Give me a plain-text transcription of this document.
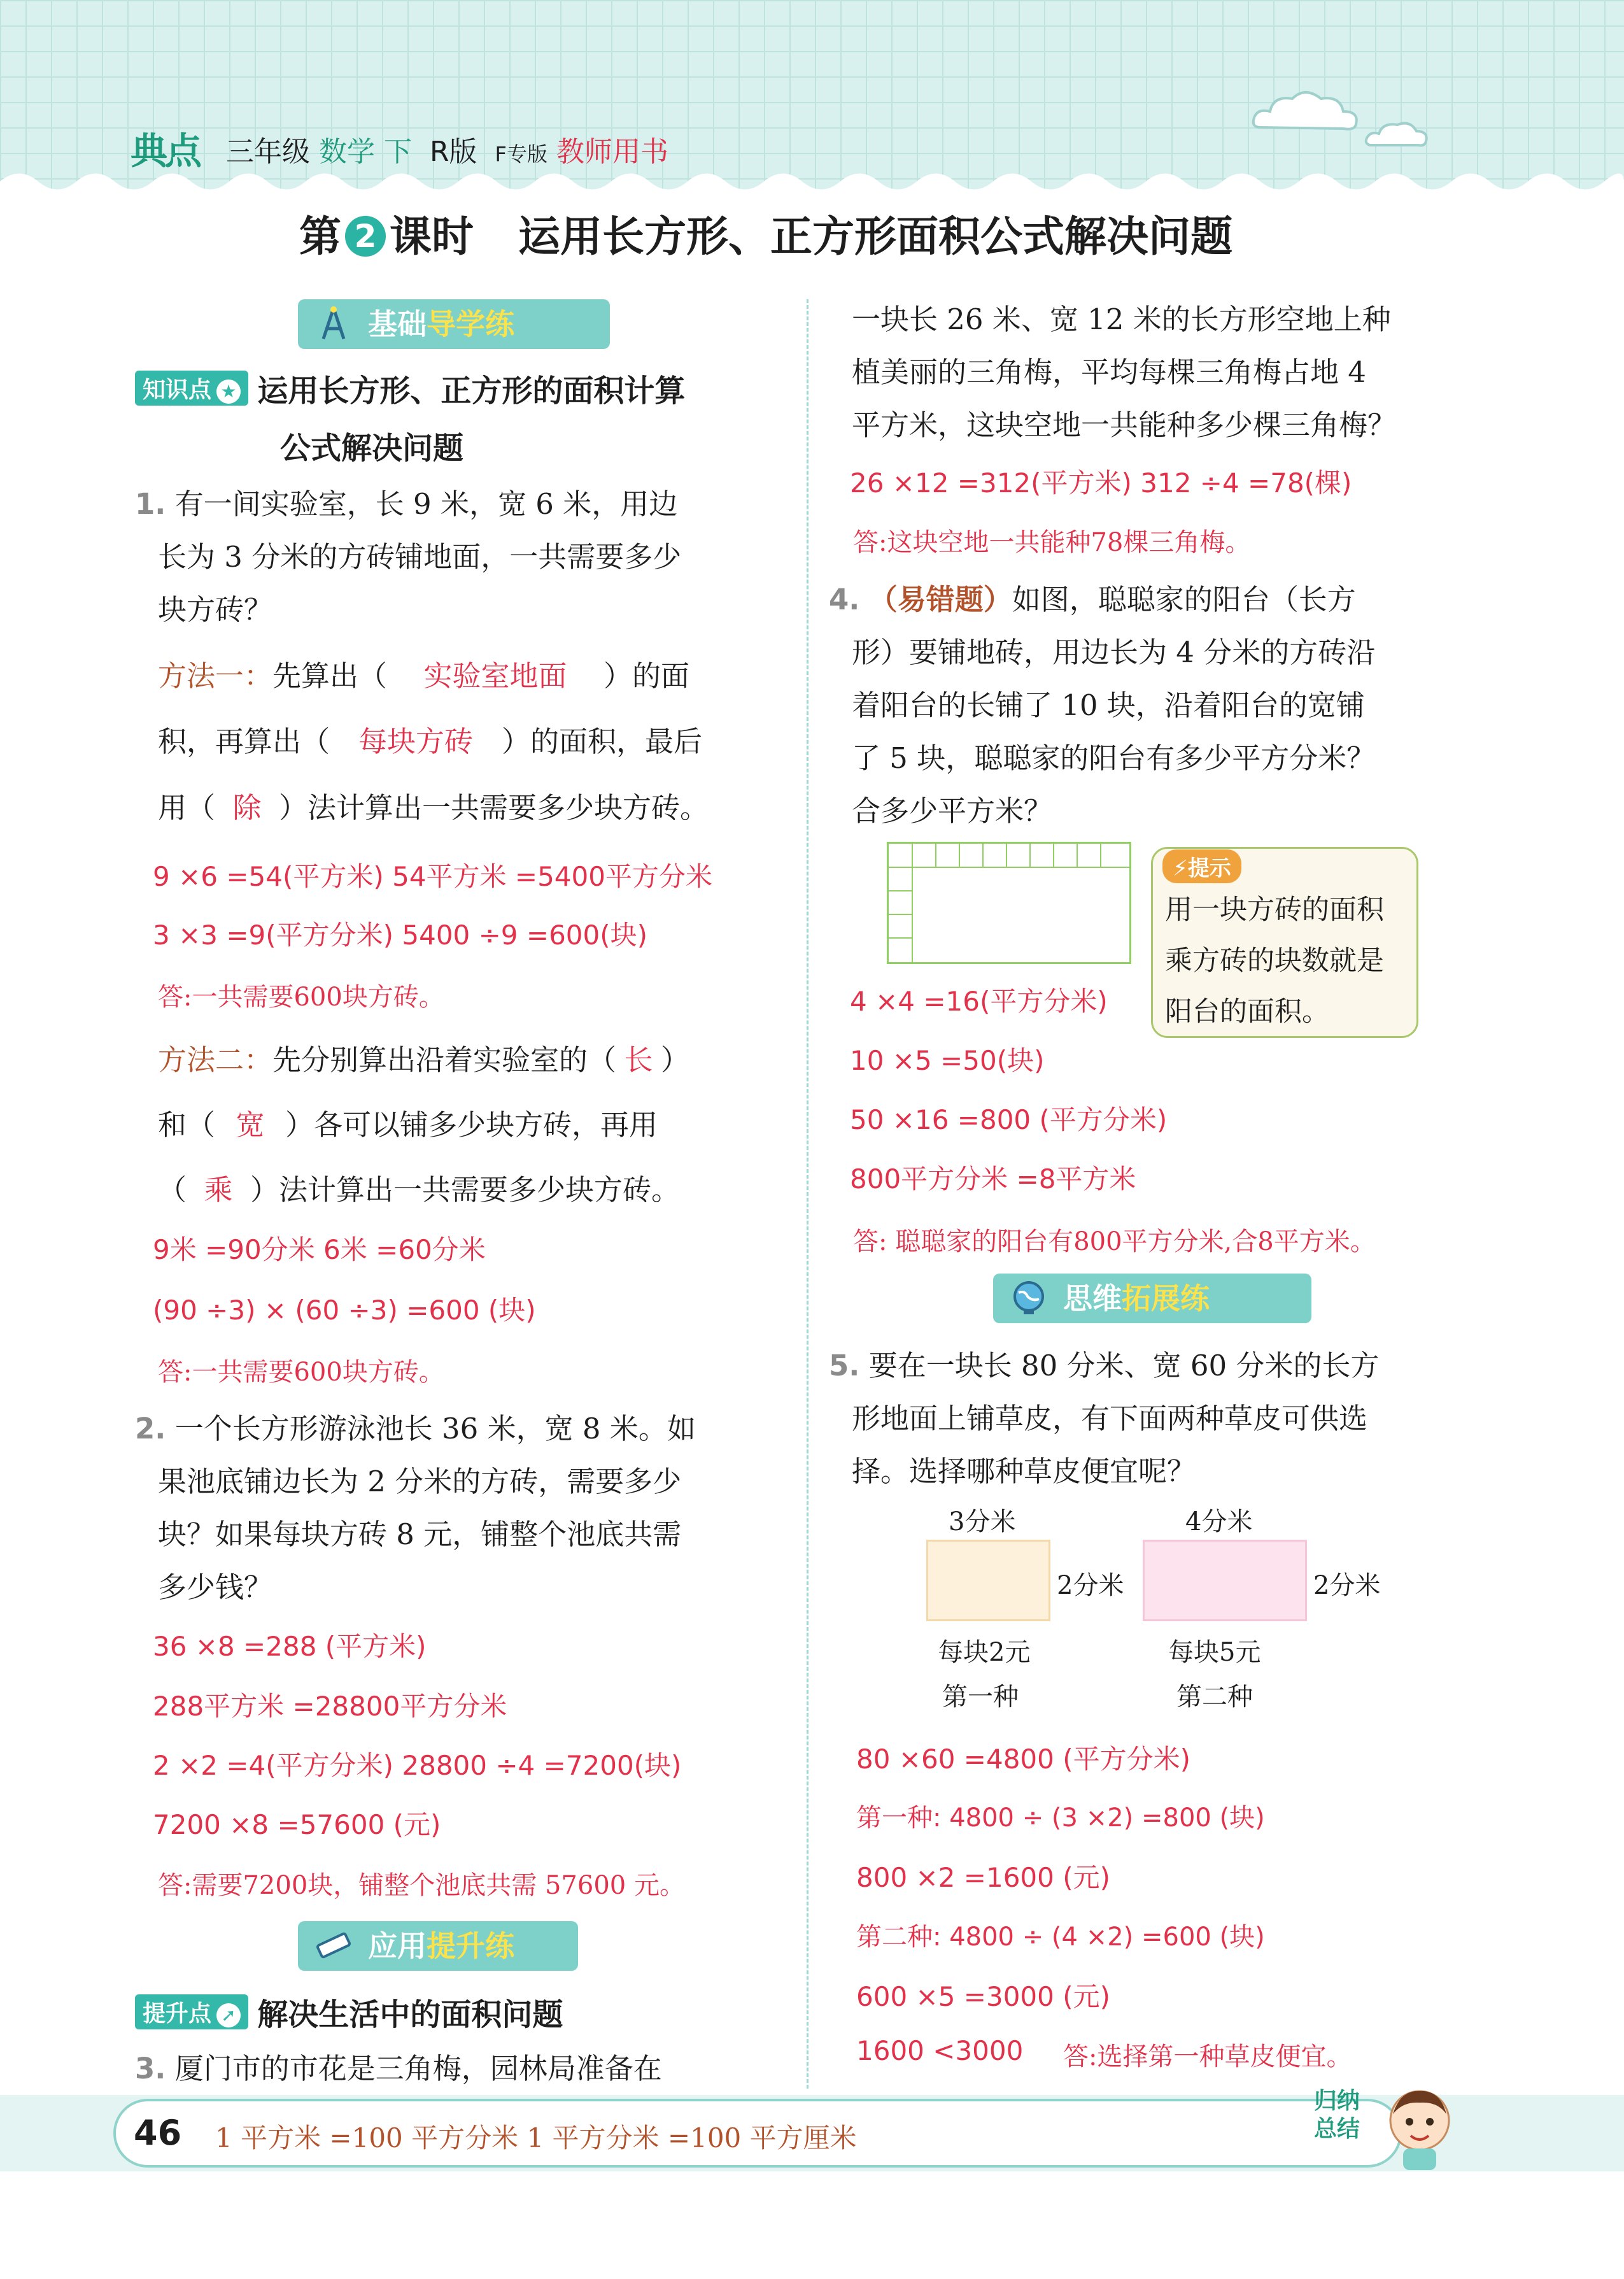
典点 三年级 数学 下 R版 F专版 教师用书
第 2 课时 运用长方形、正方形面积公式解决问题
基础导学练
知识点 ★ 运用长方形、正方形的面积计算
公式解决问题
1. 有一间实验室，长 9 米，宽 6 米，用边
长为 3 分米的方砖铺地面，一共需要多少
块方砖？
方法一：先算出（ 实验室地面 ）的面
积，再算出（ 每块方砖 ）的面积，最后
用（ 除 ）法计算出一共需要多少块方砖。
9 ×6 =54(平方米) 54平方米 =5400平方分米
3 ×3 =9(平方分米) 5400 ÷9 =600(块)
答:一共需要600块方砖。
方法二：先分别算出沿着实验室的（ 长 ）
和（ 宽 ）各可以铺多少块方砖，再用
（ 乘 ）法计算出一共需要多少块方砖。
9米 =90分米 6米 =60分米
(90 ÷3) × (60 ÷3) =600 (块)
答:一共需要600块方砖。
2. 一个长方形游泳池长 36 米，宽 8 米。如
果池底铺边长为 2 分米的方砖，需要多少
块？如果每块方砖 8 元，铺整个池底共需
多少钱？
36 ×8 =288 (平方米)
288平方米 =28800平方分米
2 ×2 =4(平方分米) 28800 ÷4 =7200(块)
7200 ×8 =57600 (元)
答:需要7200块，铺整个池底共需 57600 元。
应用提升练
提升点 ➚ 解决生活中的面积问题
3. 厦门市的市花是三角梅，园林局准备在
一块长 26 米、宽 12 米的长方形空地上种
植美丽的三角梅，平均每棵三角梅占地 4
平方米，这块空地一共能种多少棵三角梅？
26 ×12 =312(平方米) 312 ÷4 =78(棵)
答:这块空地一共能种78棵三角梅。
4. （易错题）如图，聪聪家的阳台（长方
形）要铺地砖，用边长为 4 分米的方砖沿
着阳台的长铺了 10 块，沿着阳台的宽铺
了 5 块，聪聪家的阳台有多少平方分米？
合多少平方米？
⚡提示
用一块方砖的面积
乘方砖的块数就是
阳台的面积。
4 ×4 =16(平方分米)
10 ×5 =50(块)
50 ×16 =800 (平方分米)
800平方分米 =8平方米
答: 聪聪家的阳台有800平方分米,合8平方米。
思维拓展练
5. 要在一块长 80 分米、宽 60 分米的长方
形地面上铺草皮，有下面两种草皮可供选
择。选择哪种草皮便宜呢？
3分米
2分米
每块2元
第一种
4分米
2分米
每块5元
第二种
80 ×60 =4800 (平方分米)
第一种: 4800 ÷ (3 ×2) =800 (块)
800 ×2 =1600 (元)
第二种: 4800 ÷ (4 ×2) =600 (块)
600 ×5 =3000 (元)
1600 <3000 答:选择第一种草皮便宜。
46 1 平方米 =100 平方分米 1 平方分米 =100 平方厘米
归纳
总结
